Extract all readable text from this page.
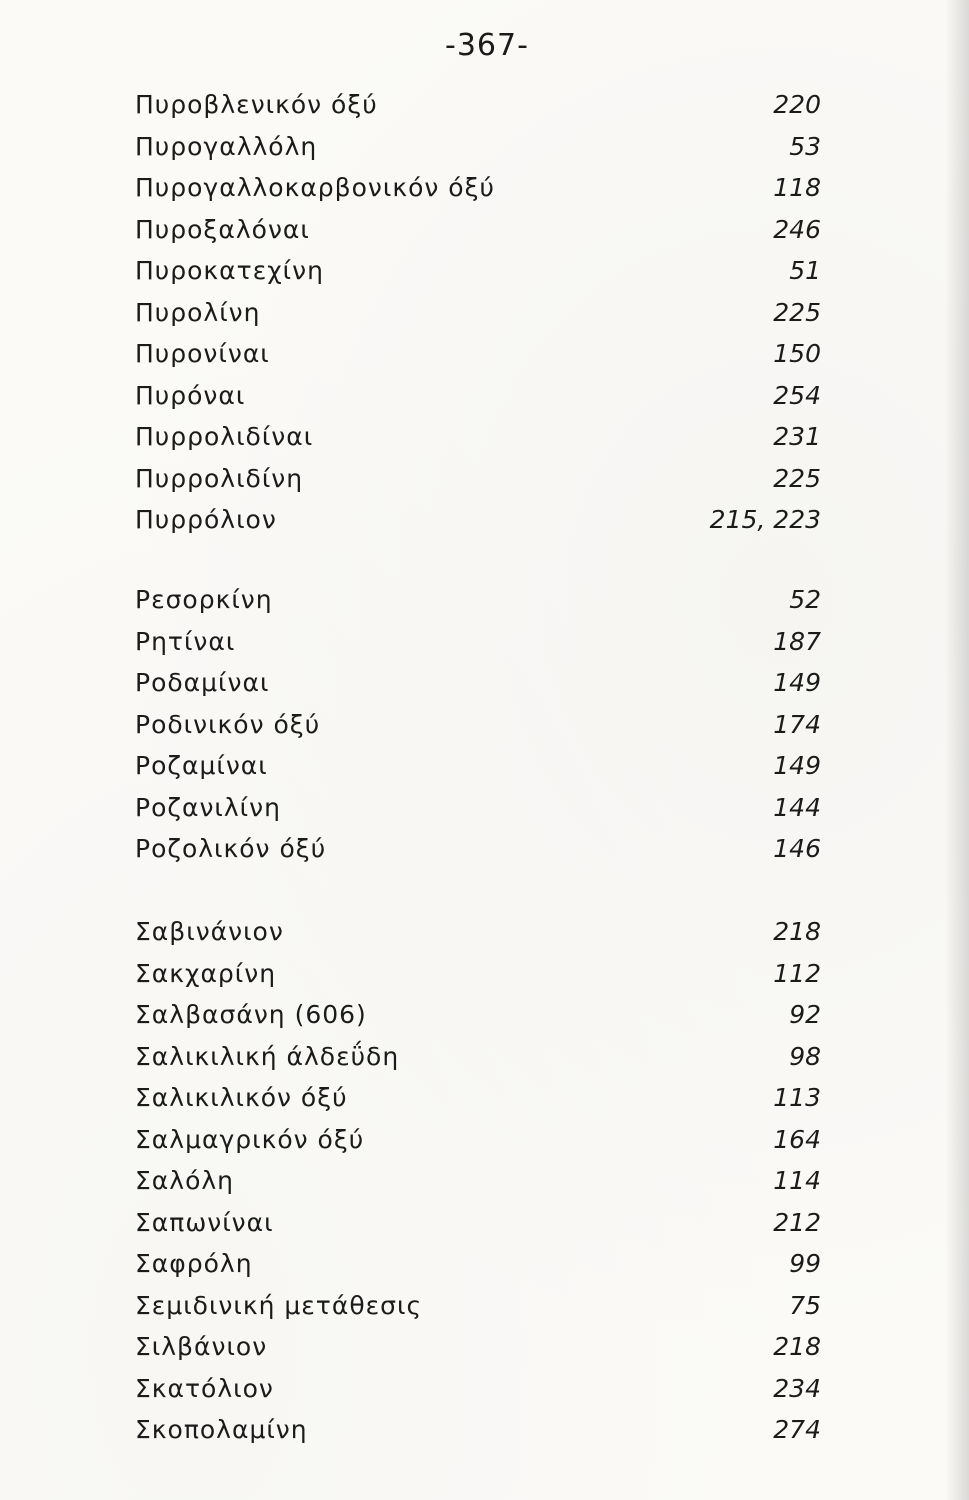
-367-
Πυροβλενικόν όξύ	220
Πυρογαλλόλη	53
Πυρογαλλοκαρβονικόν όξύ	118
Πυροξαλόναι	246
Πυροκατεχίνη	51
Πυρολίνη	225
Πυρονίναι	150
Πυρόναι	254
Πυρρολιδίναι	231
Πυρρολιδίνη	225
Πυρρόλιον	215, 223
Ρεσορκίνη	52
Ρητίναι	187
Ροδαμίναι	149
Ροδινικόν όξύ	174
Ροζαμίναι	149
Ροζανιλίνη	144
Ροζολικόν όξύ	146
Σαβινάνιον	218
Σακχαρίνη	112
Σαλβασάνη (606)	92
Σαλικιλική άλδεΰδη	98
Σαλικιλικόν όξύ	113
Σαλμαγρικόν όξύ	164
Σαλόλη	114
Σαπωνίναι	212
Σαφρόλη	99
Σεμιδινική μετάθεσις	75
Σιλβάνιον	218
Σκατόλιον	234
Σκοπολαμίνη	274
